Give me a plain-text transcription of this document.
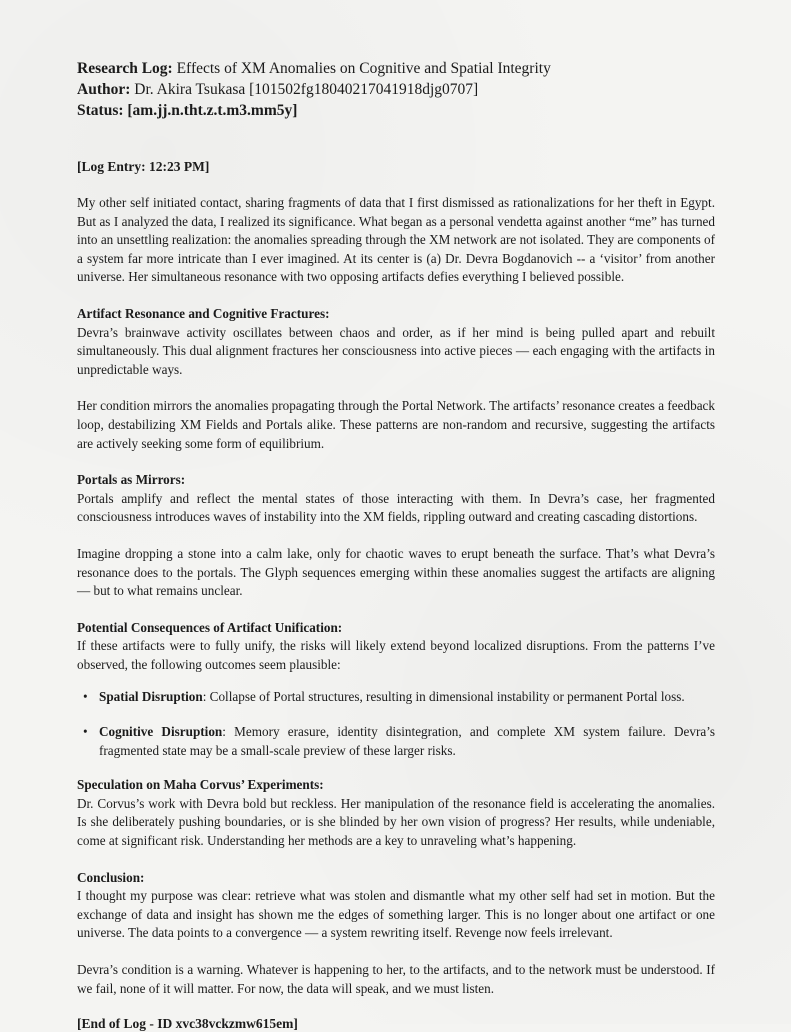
Research Log: Effects of XM Anomalies on Cognitive and Spatial Integrity

Author: Dr. Akira Tsukasa [101502fg18040217041918djg0707]

Status: [am.jj.n.tht.z.t.m3.mm5y]

[Log Entry: 12:23 PM]

My other self initiated contact, sharing fragments of data that I first dismissed as rationalizations for her theft in Egypt. But as I analyzed the data, I realized its significance. What began as a personal vendetta against another “me” has turned into an unsettling realization: the anomalies spreading through the XM network are not isolated. They are components of a system far more intricate than I ever imagined. At its center is (a) Dr. Devra Bogdanovich -- a ‘visitor’ from another universe. Her simultaneous resonance with two opposing artifacts defies everything I believed possible.

Artifact Resonance and Cognitive Fractures:

Devra’s brainwave activity oscillates between chaos and order, as if her mind is being pulled apart and rebuilt simultaneously. This dual alignment fractures her consciousness into active pieces — each engaging with the artifacts in unpredictable ways.

Her condition mirrors the anomalies propagating through the Portal Network. The artifacts’ resonance creates a feedback loop, destabilizing XM Fields and Portals alike. These patterns are non-random and recursive, suggesting the artifacts are actively seeking some form of equilibrium.

Portals as Mirrors:

Portals amplify and reflect the mental states of those interacting with them. In Devra’s case, her fragmented consciousness introduces waves of instability into the XM fields, rippling outward and creating cascading distortions.

Imagine dropping a stone into a calm lake, only for chaotic waves to erupt beneath the surface. That’s what Devra’s resonance does to the portals. The Glyph sequences emerging within these anomalies suggest the artifacts are aligning — but to what remains unclear.

Potential Consequences of Artifact Unification:

If these artifacts were to fully unify, the risks will likely extend beyond localized disruptions. From the patterns I’ve observed, the following outcomes seem plausible:

• Spatial Disruption: Collapse of Portal structures, resulting in dimensional instability or permanent Portal loss.
• Cognitive Disruption: Memory erasure, identity disintegration, and complete XM system failure. Devra’s fragmented state may be a small-scale preview of these larger risks.

Speculation on Maha Corvus’ Experiments:

Dr. Corvus’s work with Devra bold but reckless. Her manipulation of the resonance field is accelerating the anomalies. Is she deliberately pushing boundaries, or is she blinded by her own vision of progress? Her results, while undeniable, come at significant risk. Understanding her methods are a key to unraveling what’s happening.

Conclusion:

I thought my purpose was clear: retrieve what was stolen and dismantle what my other self had set in motion. But the exchange of data and insight has shown me the edges of something larger. This is no longer about one artifact or one universe. The data points to a convergence — a system rewriting itself. Revenge now feels irrelevant.

Devra’s condition is a warning. Whatever is happening to her, to the artifacts, and to the network must be understood. If we fail, none of it will matter. For now, the data will speak, and we must listen.

[End of Log - ID xvc38vckzmw615em]
